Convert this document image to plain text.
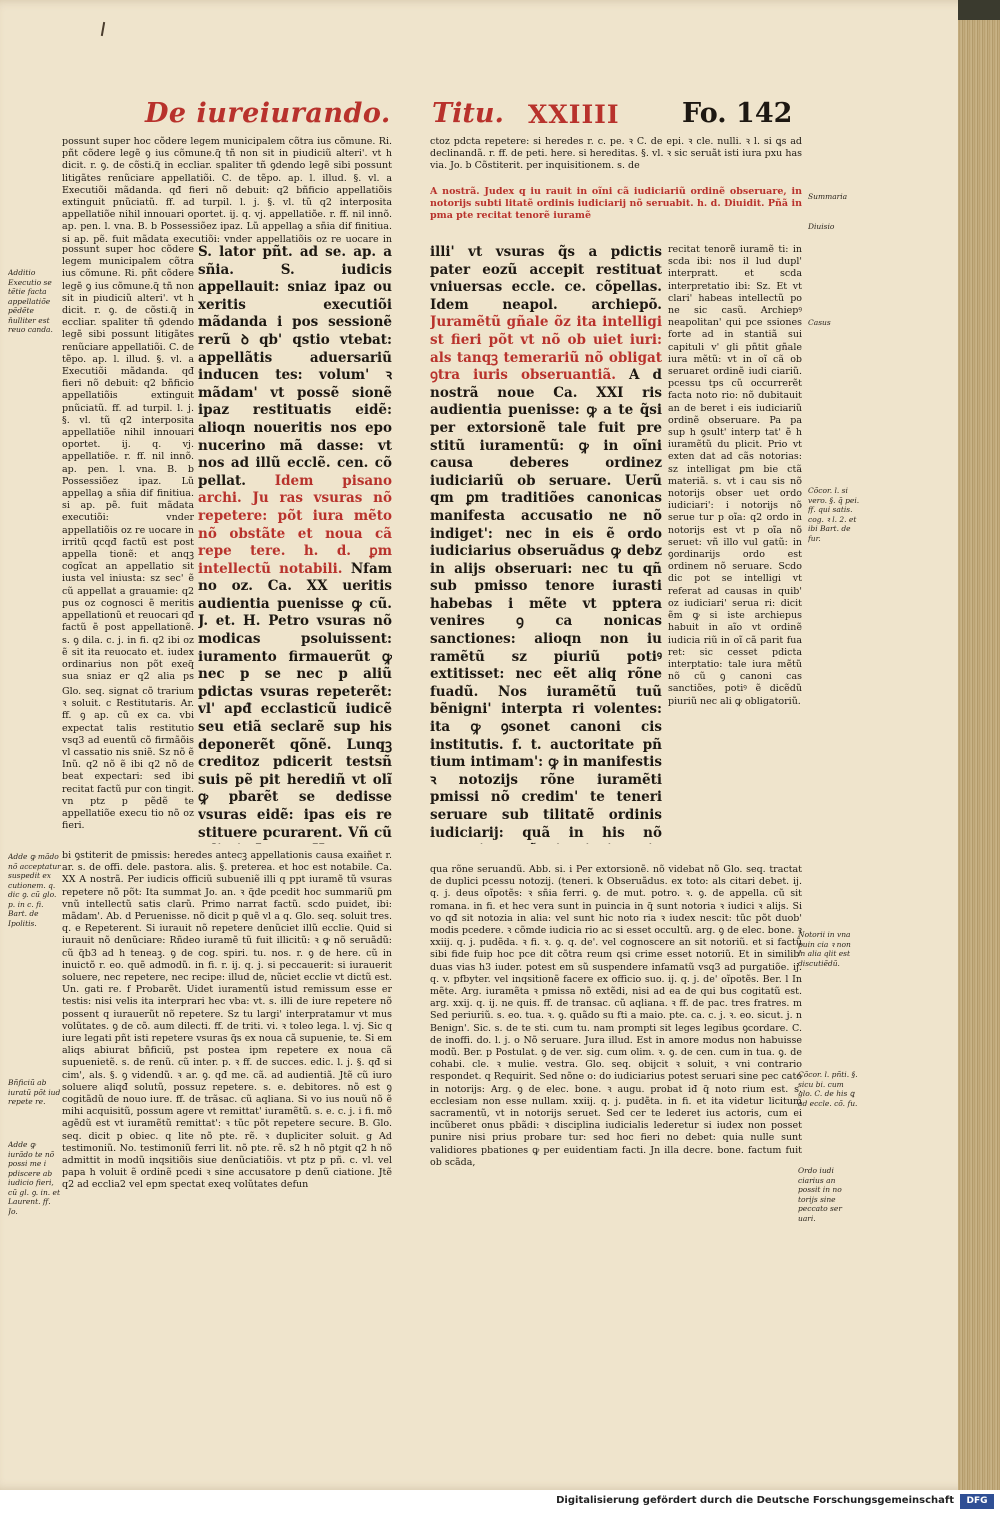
De iureiurando. Titu. XXIIII Fo. 142
Additio Executio se tẽtie facta appellatiõe pẽdẽte n̄ulliter est reuo canda.
Adde ꝙ mãdo nõ acceptatur suspedit ex cutionem. q. dic ꝯ. cũ glo. p. in c. fi. Bart. de Ipolitis.
Bñficiũ ab iuratũ põt iud repete re.
Adde ꝙ iurãdo te nõ possi me i pdiscere ab iudicio fieri, cũ gl. ꝯ. in. et Laurent. ff. Jo.
possunt super hoc cõdere legem municipalem cõtra ius cõmune. Ri. pñt cõdere legẽ ꝯ ius cõmune.q̃ tñ non sit in piudiciũ alteri'. vt h dicit. r. ꝯ. de cõsti.q̃ in eccliar. spaliter tñ ꝯdendo legẽ sibi possunt litigãtes renũciare appellatiõi. C. de tẽpo. ap. l. illud. §. vl. a Executiõi mãdanda. qđ fieri nõ debuit: q2 bñficio appellatiõis extinguit pnũciatũ. ff. ad turpil. l. j. §. vl. tũ q2 interposita appellatiõe nihil innouari oportet. ij. q. vj. appellatiõe. r. ff. nil innõ. ap. pen. l. vna. B. b Possessiõez ipaz. Lũ appellaꝯ a sñia dif finitiua. si ap. pẽ. fuit mãdata executiõi: vnder appellatiõis oz re uocare in
possunt super hoc cõdere legem municipalem cõtra ius cõmune. Ri. pñt cõdere legẽ ꝯ ius cõmune.q̃ tñ non sit in piudiciũ alteri'. vt h dicit. r. ꝯ. de cõsti.q̃ in eccliar. spaliter tñ ꝯdendo legẽ sibi possunt litigãtes renũciare appellatiõi. C. de tẽpo. ap. l. illud. §. vl. a Executiõi mãdanda. qđ fieri nõ debuit: q2 bñficio appellatiõis extinguit pnũciatũ. ff. ad turpil. l. j. §. vl. tũ q2 interposita appellatiõe nihil innouari oportet. ij. q. vj. appellatiõe. r. ff. nil innõ. ap. pen. l. vna. B. b Possessiõez ipaz. Lũ appellaꝯ a sñia dif finitiua. si ap. pẽ. fuit mãdata executiõi: vnder appellatiõis oz re uocare in irritũ qcqđ factũ est post appella tionẽ: et anqꝫ cogĩcat an appellatio sit iusta vel iniusta: sz sec' ẽ cũ appellat a grauamie: q2 pus oz cognosci ẽ meritis appellationũ et reuocari qđ factũ ẽ post appellationẽ. s. ꝯ dila. c. j. in fi. q2 ibi oz ẽ sit ita reuocato et. iudex ordinarius non põt exeq̃ sua sniaz er q2 alia ps
Glo. seq. signat cõ trarium ꝛ soluit. c Restitutaris. Ar. ff. ꝯ ap. cũ ex ca. vbi expectat talis restitutio vsq3 ad euentũ cõ firmãõis vl cassatio nis sniẽ. Sz nõ ẽ Inũ. q2 nõ ẽ ibi q2 nõ de beat expectari: sed ibi recitat factũ pur con tingit. vn ptz p pẽdẽ te appellatiõe execu tio nõ oz fieri.
S. lator pñt. ad se. ap. a sñia. S. iudicis appellauit: sniaz ipaz ou xeritis executiõi mãdanda i pos sessionẽ rerũ ꝺ qb' qstio vtebat: appellãtis aduersariũ inducen tes: volum' ꝛ mãdam' vt possẽ sionẽ ipaz restituatis eidẽ: alioqn noueritis nos epo nucerino mã dasse: vt nos ad illũ ecclẽ. cen. cõ pellat. Idem pisano archi. Ju ras vsuras nõ repetere: põt iura mẽto nõ obstãte et noua cã repe tere. h. d. ꝑm intellectũ notabili. Nfam no oz. Ca. XX ueritis audientia puenisse ꝙ cũ. J. et. H. Petro vsuras nõ modicas psoluissent: iuramento firmauerũt ꝙ nec p se nec p aliũ pdictas vsuras repeterẽt: vl' apđ ecclasticũ iudicẽ seu etiã seclarẽ sup his deponerẽt qõnẽ. Lunqꝫ creditoz pdicerit testsñ suis pẽ pit herediñ vt olĩ ꝙ pbarẽt se dedisse vsuras eidẽ: ipas eis re stituere pcurarent. Vñ cũ
ctoz pdcta repetere: si heredes r. c. pe. ꝛ C. de epi. ꝛ cle. nulli. ꝛ l. si ꝗs ad declinandã. r. ff. de peti. here. si hereditas. §. vl. ꝛ sic seruãt isti iura pxu has via. Jo. b Cõstiterit. per inquisitionem. s. de
A nostrã. Judex q iu rauit in oĩni cã iudiciariũ ordinẽ obseruare, in notorijs subti litatẽ ordinis iudiciarij nõ seruabit. h. d. Diuidit. Pñã in pma pte recitat tenorẽ iuramẽ
illi' vt vsuras q̃s a pdictis pater eozũ accepit restituat vniuersas eccle. ce. cõpellas. Idem neapol. archiepõ. Juramẽtũ gñale õz ita intelligi st fieri põt vt nõ ob uiet iuri: als tanqꝫ temerariũ nõ obligat ꝯtra iuris obseruantiã. A d nostrã noue Ca. XXI ris audientia puenisse: ꝙ a te q̃si per extorsionẽ tale fuit pre stitũ iuramentũ: ꝙ in oĩni causa deberes ordinez iudiciariũ ob seruare. Uerũ qm ꝑm traditiões canonicas manifesta accusatio ne nõ indiget': nec in eis ẽ ordo iudiciarius obseruãdus ꝙ debz in alijs obseruari: nec tu qñ sub pmisso tenore iurasti habebas i mẽte vt pptera venires ꝯ ca nonicas sanctiones: alioqn non iu ramẽtũ sz piuriũ potiꝰ extitisset: nec eẽt aliq rõne fuadũ. Nos iuramẽtũ tuũ bẽnigni' interpta ri volentes: ita ꝙ ꝯsonet canoni cis institutis. f. t. auctoritate pñ tium intimam': ꝙ in manifestis ꝛ notozijs rõne iuramẽti pmissi nõ credim' te teneri seruare sub tilitatẽ ordinis iudiciarij: quã in his nõ
recitat tenorẽ iuramẽ ti: in scda ibi: nos il lud dupl' interpratt. et scda interpretatio ibi: Sz. Et vt clari' habeas intellectũ po ne sic casũ. Archiepꝰ neapolitan' qui pce ssiones forte ad in stantiã sui capituli v' gli pñtit gñale iura mẽtũ: vt in oĩ cã ob seruaret ordinẽ iudi ciariũ. pcessu tps cũ occurrerẽt facta noto rio: nõ dubitauit an de beret i eis iudiciariũ ordinẽ obseruare. Pa pa sup h ꝯsult' interp tat' ẽ h iuramẽtũ du plicit. Prio vt exten dat ad cãs notorias: sz intelligat ꝑm bie ctã materiã. s. vt i cau sis nõ notorijs obser uet ordo iudiciari': i notorijs nõ serue tur p oĩa: q2 ordo in notorijs est vt p oĩa nõ seruet: vñ illo vul gatũ: in ꝯordinarijs ordo est ordinem nõ seruare. Scdo dic pot se intelligi vt referat ad causas in quib' oz iudiciari' serua ri: dicit ẽm ꝙ si iste archiepus habuit in aĩo vt ordinẽ iudicia riũ in oĩ cã parit fua ret: sic cesset pdicta interptatio: tale iura mẽtũ nõ cũ ꝯ canoni cas sanctiões, potiꝰ ẽ dicẽdũ piuriũ nec ali ꝙ obligatoriũ.
bi ꝯstiterit de pmissis: heredes antecꝫ appellationis causa exaiñet r. ar. s. de offi. dele. pastora. alis. §. preterea. et hoc est notabile. Ca. XX A nostrã. Per iudicis officiũ subueniẽ illi q ppt iuramẽ tũ vsuras repetere nõ põt: Ita summat Jo. an. ꝛ q̃de pcedit hoc summariũ ꝑm vnũ intellectũ satis clarũ. Primo narrat factũ. scdo puidet, ibi: mãdam'. Ab. d Peruenisse. nõ dicit p quẽ vl a q. Glo. seq. soluit tres. q. e Repeterent. Si iurauit nõ repetere denũciet illũ ecclie. Quid si iurauit nõ denũciare: Rñdeo iuramẽ tũ fuit illicitũ: ꝛ ꝙ nõ seruãdũ: cũ q̃b3 ad h teneaꝫ. ꝯ de cog. spiri. tu. nos. r. ꝯ de here. cũ in inuictõ r. eo. quẽ admodũ. in fi. r. ij. q. j. si peccauerit: si iurauerit soluere, nec repetere, nec recipe: illud de, nũciet ecclie vt dictũ est. Un. gati re. f Probarẽt. Uidet iuramentũ istud remissum esse er testis: nisi velis ita interprari hec vba: vt. s. illi de iure repetere nõ possent q iurauerũt nõ repetere. Sz tu largi' interpratamur vt mus volũtates. ꝯ de cõ. aum dilecti. ff. de triti. vi. ꝛ toleo lega. l. vj. Sic q iure legati pñt isti repetere vsuras q̃s ex noua cã supuenie, te. Si em aliqs abiurat bñficiũ, pst postea ipm repetere ex noua cã supuenietẽ. s. de renũ. cũ inter. p. ꝛ ff. de succes. edic. l. j. §. qđ si cim', als. §. ꝯ videndũ. ꝛ ar. ꝯ. qđ me. cã. ad audientiã. Jtẽ cũ iuro soluere aliqđ solutũ, possuz repetere. s. e. debitores. nõ est ꝯ cogitãdũ de nouo iure. ff. de trãsac. cũ aqliana. Si vo ius nouũ nõ ẽ mihi acquisitũ, possum agere vt remittat' iuramẽtũ. s. e. c. j. i fi. mõ agẽdũ est vt iuramẽtũ remittat': ꝛ tũc põt repetere secure. B. Glo. seq. dicit p obiec. q lite nõ pte. rẽ. ꝛ dupliciter soluit. g Ad testimoniũ. No. testimoniũ ferri lit. nõ pte. rẽ. s2 h nõ ptgit q2 h nõ admittit in modũ inqsitiõis siue denũciatiõis. vt ptz p pñ. c. vl. vel papa h voluit ẽ ordinẽ pcedi ꝛ sine accusatore p denũ ciatione. Jtẽ q2 ad ecclia2 vel epm spectat exeq volũtates defun
qua rõne seruandũ. Abb. si. i Per extorsionẽ. nõ videbat nõ Glo. seq. tractat de duplici pcessu notozij. (teneri. k Obseruãdus. ex toto: als citari debet. ij. q. j. deus oĩpotẽs: ꝛ sñia ferri. ꝯ. de mut. potro. ꝛ. ꝯ. de appella. cũ sit romana. in fi. et hec vera sunt in puincia in q̃ sunt notoria ꝛ iudici ꝛ alijs. Si vo qđ sit notozia in alia: vel sunt hic noto ria ꝛ iudex nescit: tũc põt duob' modis pcedere. ꝛ cõmde iudicia rio ac si esset occultũ. arg. ꝯ de elec. bone. ꝛ xxiij. q. j. pudẽda. ꝛ fi. ꝛ. ꝯ. q. de'. vel cognoscere an sit notoriũ. et si factũ sibi fide fuip hoc pce dit cõtra reum qsi crime esset notoriũ. Et in similib' duas vias h3 iuder. potest em sũ suspendere infamatũ vsq3 ad purgatiõe. ij. q. v. pfbyter. vel inqsitionẽ facere ex officio suo. ij. q. j. de' oĩpotẽs. Ber. l In mẽte. Arg. iuramẽta ꝛ pmissa nõ extẽdi, nisi ad ea de qui bus cogitatũ est. arg. xxij. q. ij. ne quis. ff. de transac. cũ aqliana. ꝛ ff. de pac. tres fratres. m Sed periuriũ. s. eo. tua. ꝛ. ꝯ. quãdo su fti a maio. pte. ca. c. j. ꝛ. eo. sicut. j. n Benign'. Sic. s. de te sti. cum tu. nam prompti sit leges legibus ꝯcordare. C. de inoffi. do. l. j. o Nõ seruare. Jura illud. Est in amore modus non habuisse modũ. Ber. p Postulat. ꝯ de ver. sig. cum olim. ꝛ. ꝯ. de cen. cum in tua. ꝯ. de cohabi. cle. ꝛ mulie. vestra. Glo. seq. obijcit ꝛ soluit, ꝛ vni contrario respondet. q Requirit. Sed nõne o: do iudiciarius potest seruari sine pec cato in notorijs: Arg. ꝯ de elec. bone. ꝛ augu. probat iđ q̃ noto rium est. s. ecclesiam non esse nullam. xxiij. q. j. pudẽta. in fi. et ita videtur licitum sacramentũ, vt in notorijs seruet. Sed cer te lederet ius actoris, cum ei incũberet onus pbãdi: ꝛ disciplina iudicialis lederetur si iudex non posset punire nisi prius probare tur: sed hoc fieri no debet: quia nulle sunt validiores pbationes ꝙ per euidentiam facti. Jn illa decre. bone. factum fuit ob scãda,
Summaria
Diuisio
Casus
Cõcor. l. si vero. §. q̃ pei. ff. qui satis. cog. ꝛ l. 2. et ibi Bart. de fur.
Notorii in vna puin cia ꝛ non in alia qlit est discutiẽdũ.
Cõcor. l. pñti. §. sicu bi. cum glo. C. de his ꝗ ad eccle. cõ. fu.
Ordo iudi ciarius an possit in no torijs sine peccato ser uari.
Digitalisierung gefördert durch die Deutsche Forschungsgemeinschaft	DFG
